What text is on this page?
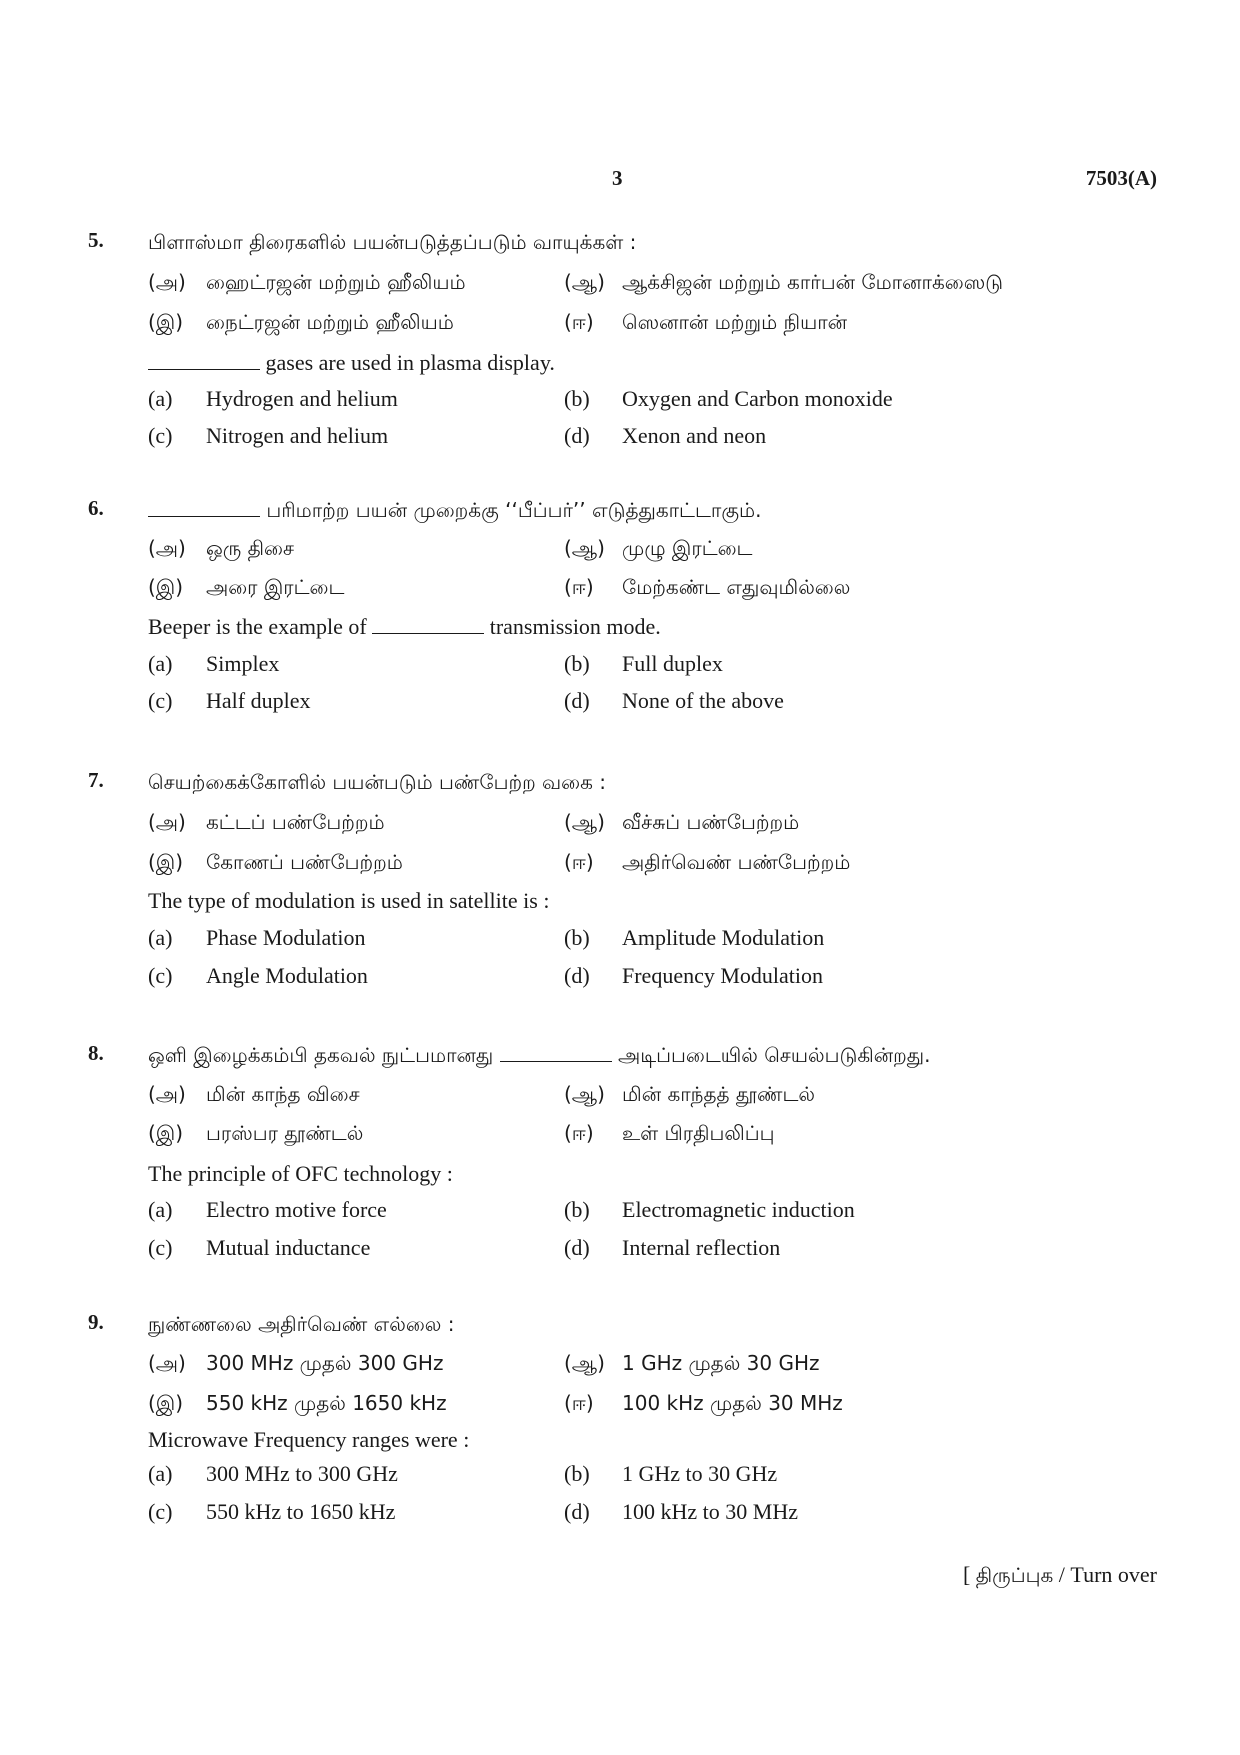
3	7503(A)
5. பிளாஸ்மா திரைகளில் பயன்படுத்தப்படும் வாயுக்கள் :
(அ) ஹைட்ரஜன் மற்றும் ஹீலியம்	(ஆ) ஆக்சிஜன் மற்றும் கார்பன் மோனாக்ஸைடு
(இ) நைட்ரஜன் மற்றும் ஹீலியம்	(ஈ) ஸெனான் மற்றும் நியான்
gases are used in plasma display.
(a) Hydrogen and helium	(b) Oxygen and Carbon monoxide
(c) Nitrogen and helium	(d) Xenon and neon
6.	பரிமாற்ற பயன் முறைக்கு ‘‘பீப்பர்’’ எடுத்துகாட்டாகும்.
(அ) ஒரு திசை	(ஆ) முழு இரட்டை
(இ) அரை இரட்டை	(ஈ) மேற்கண்ட எதுவுமில்லை
Beeper is the example of	transmission mode.
(a) Simplex	(b) Full duplex
(c) Half duplex	(d) None of the above
7. செயற்கைக்கோளில் பயன்படும் பண்பேற்ற வகை :
(அ) கட்டப் பண்பேற்றம்	(ஆ) வீச்சுப் பண்பேற்றம்
(இ) கோணப் பண்பேற்றம்	(ஈ) அதிர்வெண் பண்பேற்றம்
The type of modulation is used in satellite is :
(a) Phase Modulation	(b) Amplitude Modulation
(c) Angle Modulation	(d) Frequency Modulation
8. ஒளி இழைக்கம்பி தகவல் நுட்பமானது	அடிப்படையில் செயல்படுகின்றது.
(அ) மின் காந்த விசை	(ஆ) மின் காந்தத் தூண்டல்
(இ) பரஸ்பர தூண்டல்	(ஈ) உள் பிரதிபலிப்பு
The principle of OFC technology :
(a) Electro motive force	(b) Electromagnetic induction
(c) Mutual inductance	(d) Internal reflection
9. நுண்ணலை அதிர்வெண் எல்லை :
(அ) 300 MHz முதல் 300 GHz	(ஆ) 1 GHz முதல் 30 GHz
(இ) 550 kHz முதல் 1650 kHz	(ஈ) 100 kHz முதல் 30 MHz
Microwave Frequency ranges were :
(a) 300 MHz to 300 GHz	(b) 1 GHz to 30 GHz
(c) 550 kHz to 1650 kHz	(d) 100 kHz to 30 MHz
[ திருப்புக / Turn over
